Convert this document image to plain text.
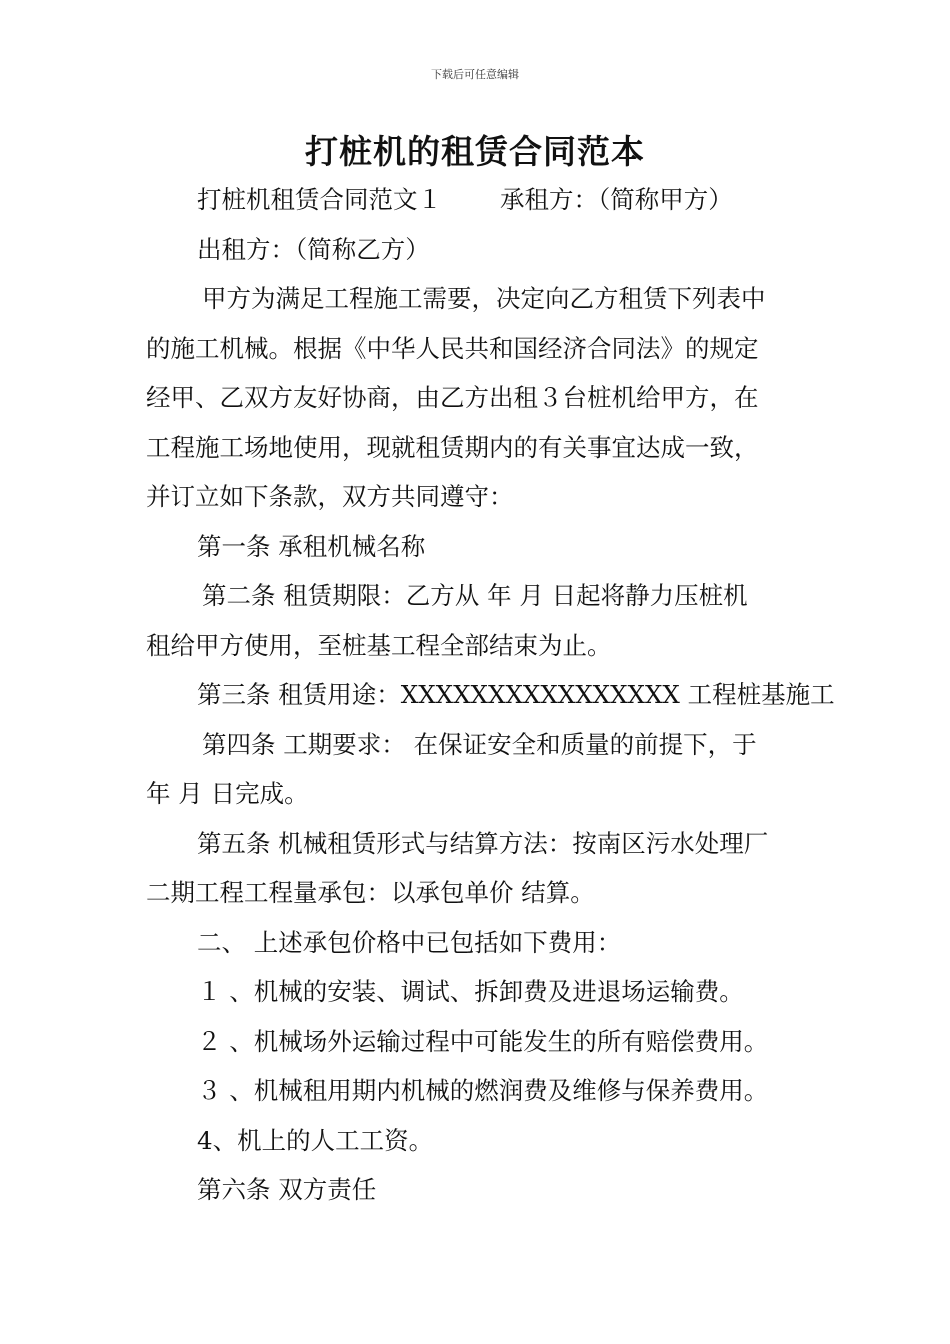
下载后可任意编辑
打桩机的租赁合同范本
打桩机租赁合同范文１ 承租方：（简称甲方）
出租方：（简称乙方）
甲方为满足工程施工需要，决定向乙方租赁下列表中
的施工机械。根据《中华人民共和国经济合同法》的规定
经甲、乙双方友好协商，由乙方出租３台桩机给甲方，在
工程施工场地使用，现就租赁期内的有关事宜达成一致，
并订立如下条款，双方共同遵守：
第一条 承租机械名称
第二条 租赁期限：乙方从 年 月 日起将静力压桩机
租给甲方使用，至桩基工程全部结束为止。
第三条 租赁用途：XXXXXXXXXXXXXXXX 工程桩基施工
第四条 工期要求： 在保证安全和质量的前提下，于
年 月 日完成。
第五条 机械租赁形式与结算方法：按南区污水处理厂
二期工程工程量承包：以承包单价 结算。
二、 上述承包价格中已包括如下费用：
１ 、机械的安装、调试、拆卸费及进退场运输费。
２ 、机械场外运输过程中可能发生的所有赔偿费用。
３ 、机械租用期内机械的燃润费及维修与保养费用。
4、机上的人工工资。
第六条 双方责任
